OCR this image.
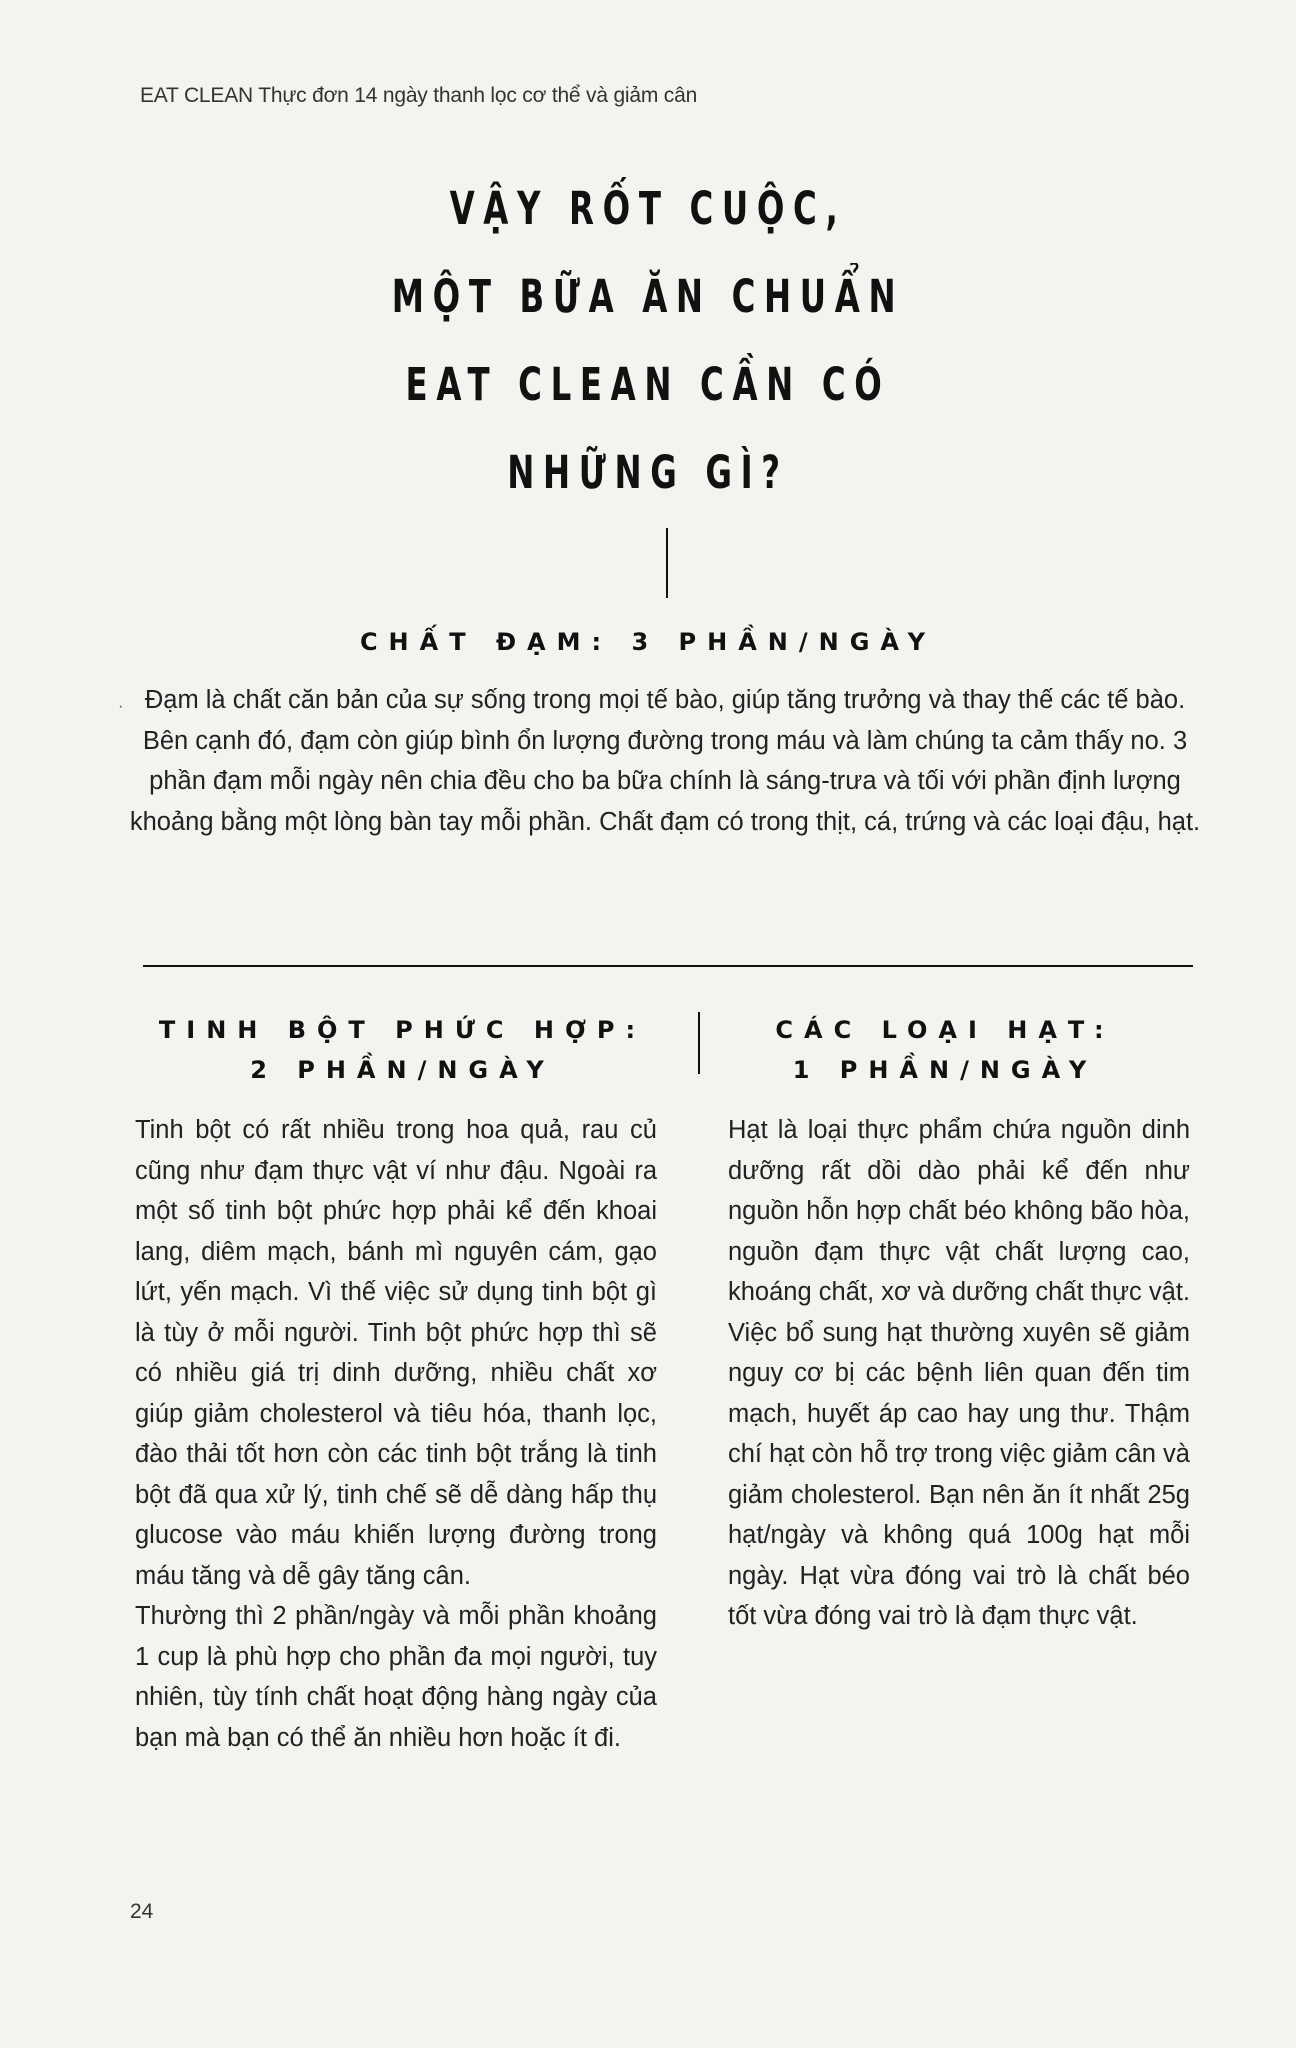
EAT CLEAN Thực đơn 14 ngày thanh lọc cơ thể và giảm cân
VẬY RỐT CUỘC,
MỘT BỮA ĂN CHUẨN
EAT CLEAN CẦN CÓ
NHỮNG GÌ?
CHẤT ĐẠM: 3 PHẦN/NGÀY
· Đạm là chất căn bản của sự sống trong mọi tế bào, giúp tăng trưởng và thay thế các tế bào. Bên cạnh đó, đạm còn giúp bình ổn lượng đường trong máu và làm chúng ta cảm thấy no. 3 phần đạm mỗi ngày nên chia đều cho ba bữa chính là sáng-trưa và tối với phần định lượng khoảng bằng một lòng bàn tay mỗi phần. Chất đạm có trong thịt, cá, trứng và các loại đậu, hạt.
TINH BỘT PHỨC HỢP:
2 PHẦN/NGÀY
CÁC LOẠI HẠT:
1 PHẦN/NGÀY

Tinh bột có rất nhiều trong hoa quả, rau củ cũng như đạm thực vật ví như đậu. Ngoài ra một số tinh bột phức hợp phải kể đến khoai lang, diêm mạch, bánh mì nguyên cám, gạo lứt, yến mạch. Vì thế việc sử dụng tinh bột gì là tùy ở mỗi người. Tinh bột phức hợp thì sẽ có nhiều giá trị dinh dưỡng, nhiều chất xơ giúp giảm cholesterol và tiêu hóa, thanh lọc, đào thải tốt hơn còn các tinh bột trắng là tinh bột đã qua xử lý, tinh chế sẽ dễ dàng hấp thụ glucose vào máu khiến lượng đường trong máu tăng và dễ gây tăng cân.

Thường thì 2 phần/ngày và mỗi phần khoảng 1 cup là phù hợp cho phần đa mọi người, tuy nhiên, tùy tính chất hoạt động hàng ngày của bạn mà bạn có thể ăn nhiều hơn hoặc ít đi.

Hạt là loại thực phẩm chứa nguồn dinh dưỡng rất dồi dào phải kể đến như nguồn hỗn hợp chất béo không bão hòa, nguồn đạm thực vật chất lượng cao, khoáng chất, xơ và dưỡng chất thực vật. Việc bổ sung hạt thường xuyên sẽ giảm nguy cơ bị các bệnh liên quan đến tim mạch, huyết áp cao hay ung thư. Thậm chí hạt còn hỗ trợ trong việc giảm cân và giảm cholesterol. Bạn nên ăn ít nhất 25g hạt/ngày và không quá 100g hạt mỗi ngày. Hạt vừa đóng vai trò là chất béo tốt vừa đóng vai trò là đạm thực vật.

24
